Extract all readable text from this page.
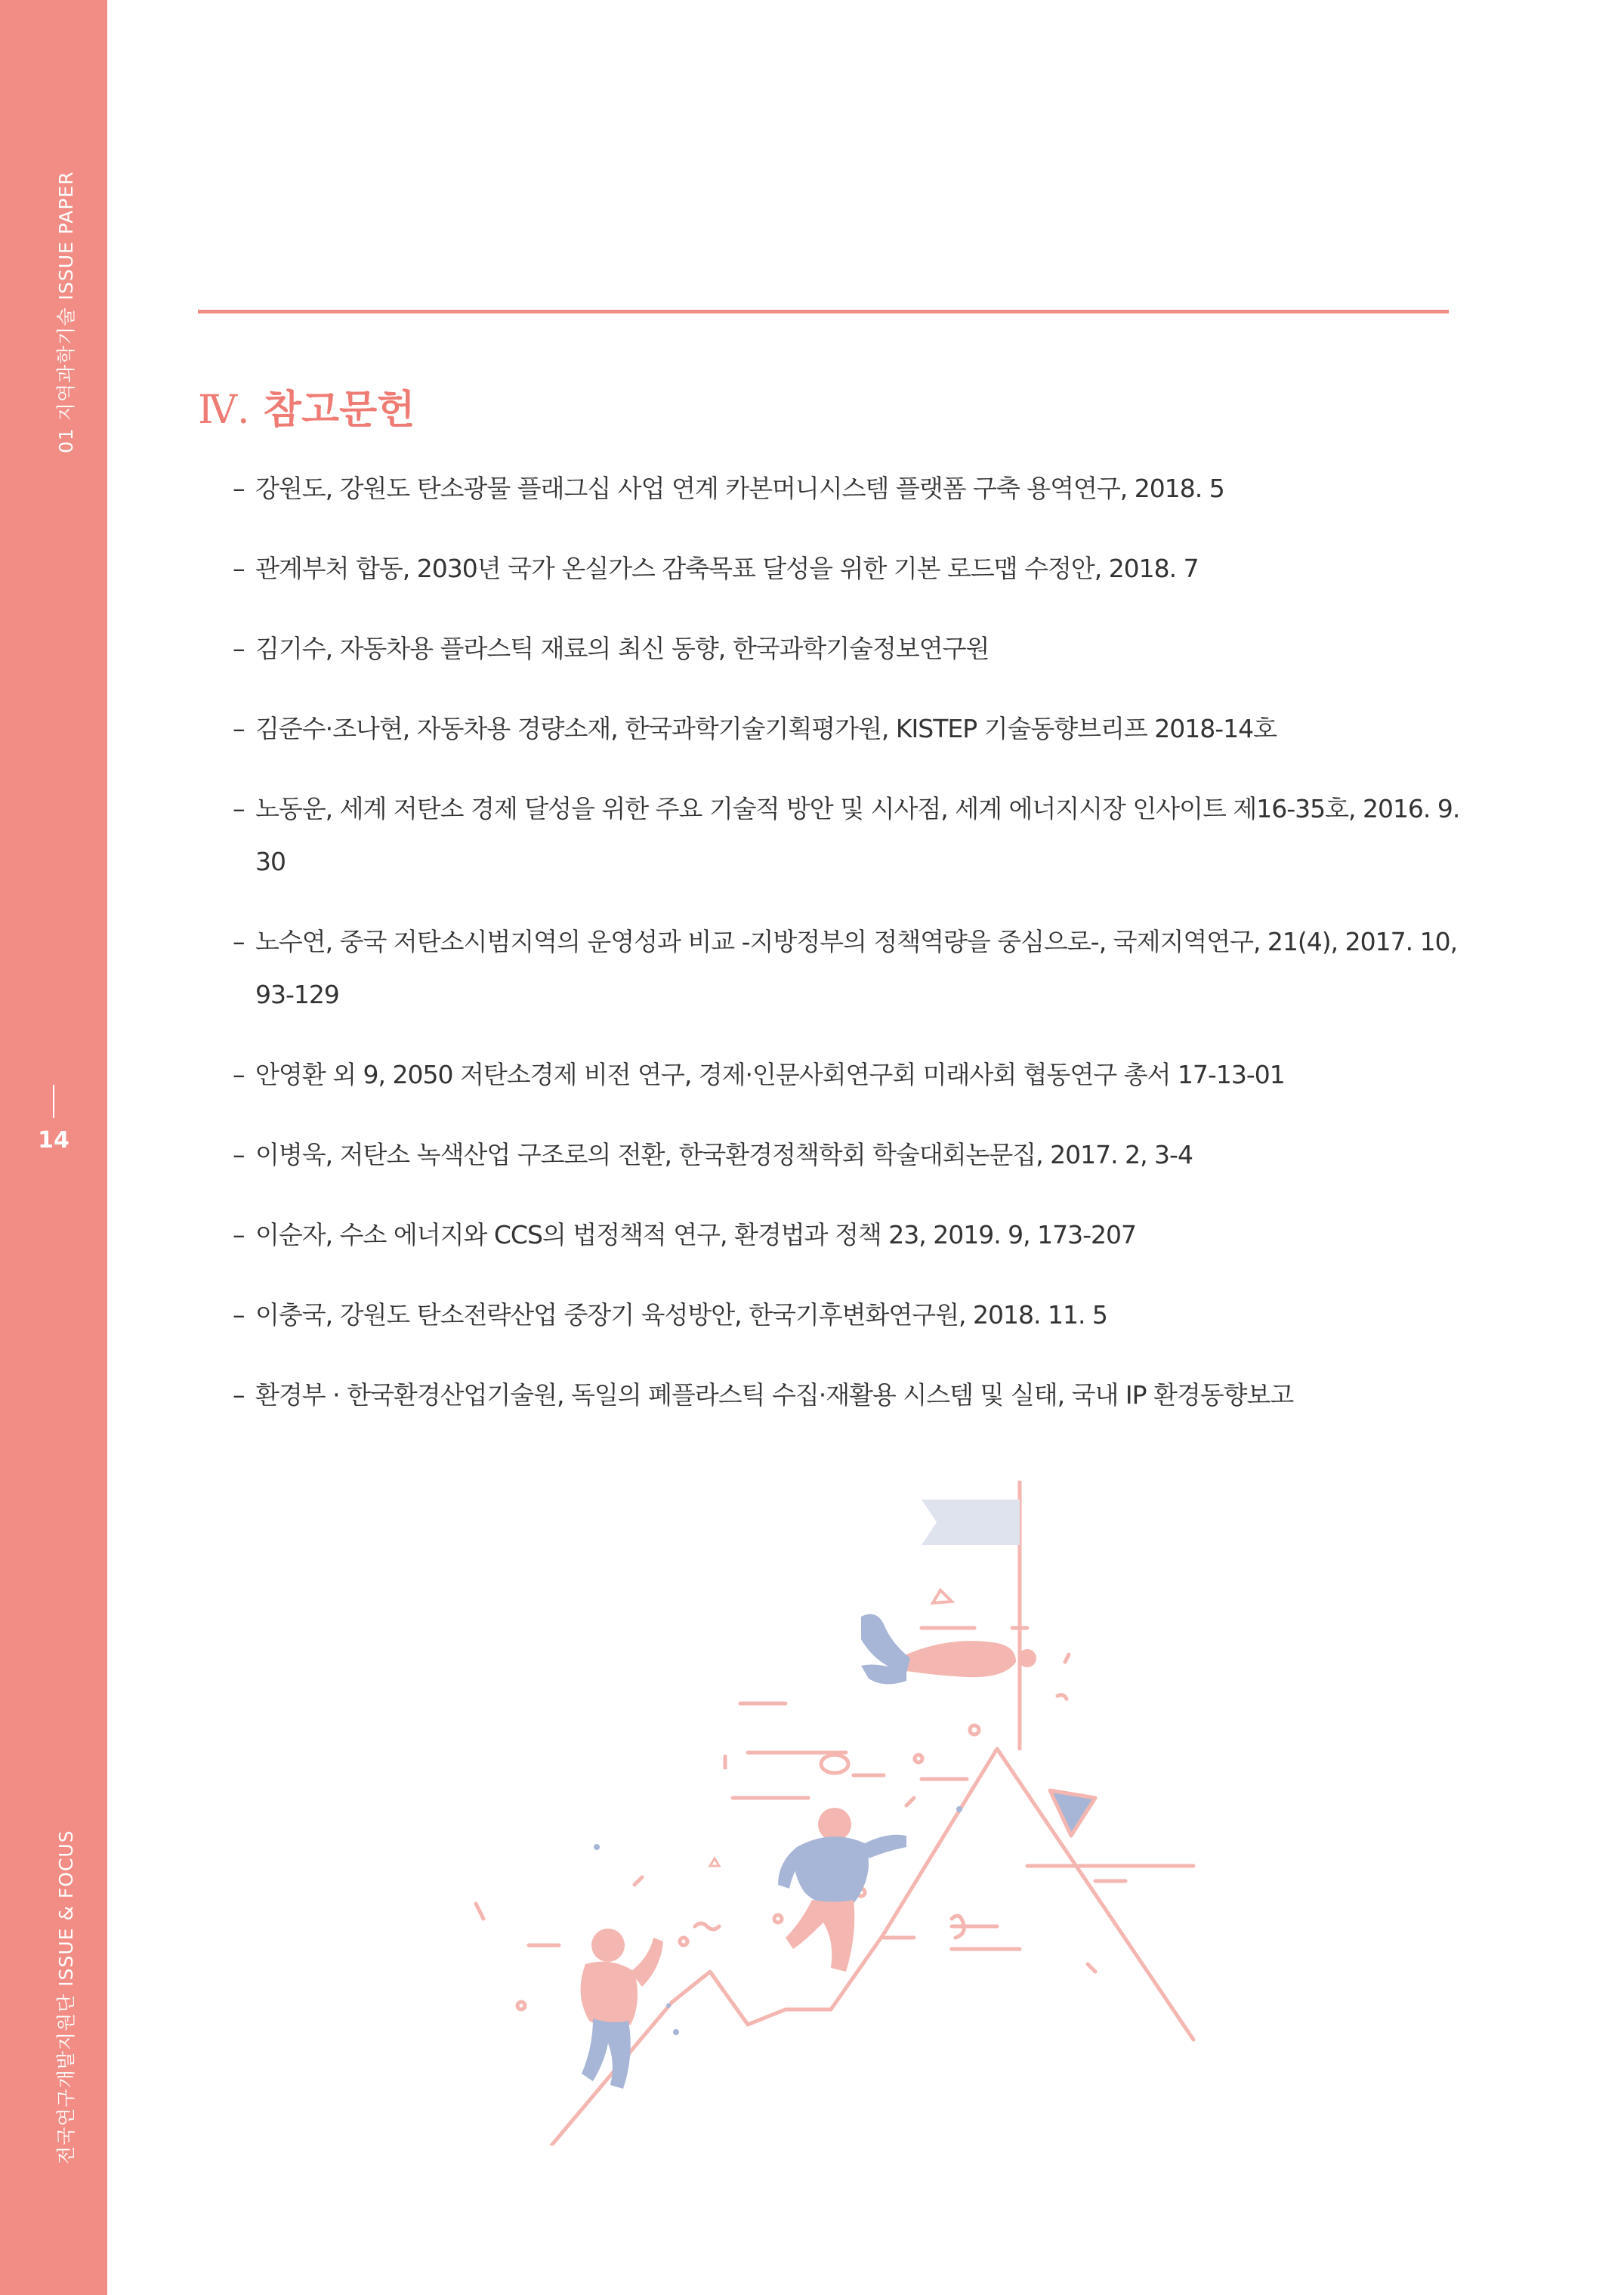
01 지역과학기술 ISSUE PAPER
14
전국연구개발지원단 ISSUE & FOCUS
Ⅳ. 참고문헌
– 강원도, 강원도 탄소광물 플래그십 사업 연계 카본머니시스템 플랫폼 구축 용역연구, 2018. 5
– 관계부처 합동, 2030년 국가 온실가스 감축목표 달성을 위한 기본 로드맵 수정안, 2018. 7
– 김기수, 자동차용 플라스틱 재료의 최신 동향, 한국과학기술정보연구원
– 김준수·조나현, 자동차용 경량소재, 한국과학기술기획평가원, KISTEP 기술동향브리프 2018-14호
– 노동운, 세계 저탄소 경제 달성을 위한 주요 기술적 방안 및 시사점, 세계 에너지시장 인사이트 제16-35호, 2016. 9. 30
– 노수연, 중국 저탄소시범지역의 운영성과 비교 -지방정부의 정책역량을 중심으로-, 국제지역연구, 21(4), 2017. 10, 93-129
– 안영환 외 9, 2050 저탄소경제 비전 연구, 경제·인문사회연구회 미래사회 협동연구 총서 17-13-01
– 이병욱, 저탄소 녹색산업 구조로의 전환, 한국환경정책학회 학술대회논문집, 2017. 2, 3-4
– 이순자, 수소 에너지와 CCS의 법정책적 연구, 환경법과 정책 23, 2019. 9, 173-207
– 이충국, 강원도 탄소전략산업 중장기 육성방안, 한국기후변화연구원, 2018. 11. 5
– 환경부 · 한국환경산업기술원, 독일의 폐플라스틱 수집·재활용 시스템 및 실태, 국내 IP 환경동향보고
